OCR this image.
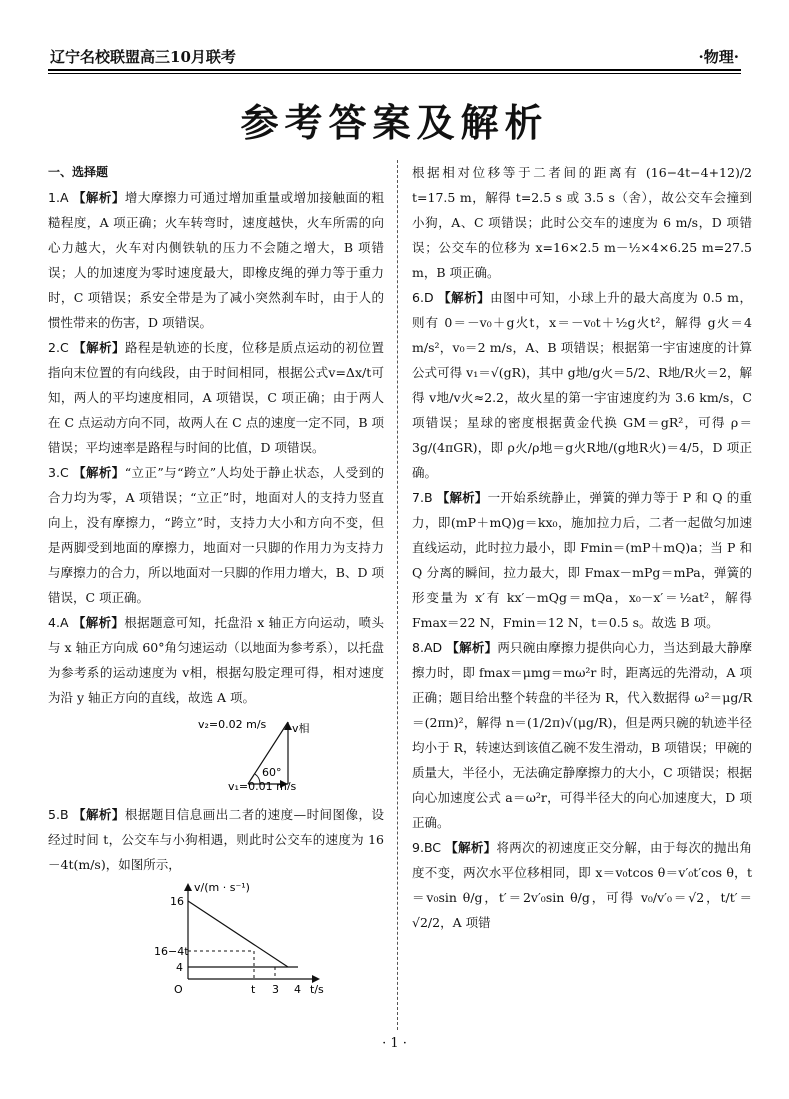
辽宁名校联盟高三10月联考	·物理·
参考答案及解析
一、选择题

1.A 【解析】增大摩擦力可通过增加重量或增加接触面的粗糙程度，A 项正确；火车转弯时，速度越快，火车所需的向心力越大，火车对内侧铁轨的压力不会随之增大，B 项错误；人的加速度为零时速度最大，即橡皮绳的弹力等于重力时，C 项错误；系安全带是为了减小突然刹车时，由于人的惯性带来的伤害，D 项错误。

2.C 【解析】路程是轨迹的长度，位移是质点运动的初位置指向末位置的有向线段，由于时间相同，根据公式v=Δx/t可知，两人的平均速度相同，A 项错误，C 项正确；由于两人在 C 点运动方向不同，故两人在 C 点的速度一定不同，B 项错误；平均速率是路程与时间的比值，D 项错误。

3.C 【解析】“立正”与“跨立”人均处于静止状态，人受到的合力均为零，A 项错误；“立正”时，地面对人的支持力竖直向上，没有摩擦力，“跨立”时，支持力大小和方向不变，但是两脚受到地面的摩擦力，地面对一只脚的作用力为支持力与摩擦力的合力，所以地面对一只脚的作用力增大，B、D 项错误，C 项正确。

4.A 【解析】根据题意可知，托盘沿 x 轴正方向运动，喷头与 x 轴正方向成 60°角匀速运动（以地面为参考系），以托盘为参考系的运动速度为 v相，根据勾股定理可得，相对速度为沿 y 轴正方向的直线，故选 A 项。

v₂=0.02 m/s v相
60°
v₁=0.01 m/s

5.B 【解析】根据题目信息画出二者的速度—时间图像，设经过时间 t，公交车与小狗相遇，则此时公交车的速度为 16－4t(m/s)，如图所示，

v/(m · s⁻¹)
16
16−4t
4
O	t 3 4 t/s

根据相对位移等于二者间的距离有 (16−4t−4+12)/2 t=17.5 m，解得 t=2.5 s 或 3.5 s（舍），故公交车会撞到小狗，A、C 项错误；此时公交车的速度为 6 m/s，D 项错误；公交车的位移为 x=16×2.5 m－½×4×6.25 m=27.5 m，B 项正确。

6.D 【解析】由图中可知，小球上升的最大高度为 0.5 m，则有 0＝－v₀＋g火t，x＝－v₀t＋½g火t²，解得 g火＝4 m/s²，v₀＝2 m/s，A、B 项错误；根据第一宇宙速度的计算公式可得 v₁＝√(gR)，其中 g地/g火＝5/2、R地/R火＝2，解得 v地/v火≈2.2，故火星的第一宇宙速度约为 3.6 km/s，C 项错误；星球的密度根据黄金代换 GM＝gR²，可得 ρ＝3g/(4πGR)，即 ρ火/ρ地＝g火R地/(g地R火)＝4/5，D 项正确。

7.B 【解析】一开始系统静止，弹簧的弹力等于 P 和 Q 的重力，即(mP＋mQ)g＝kx₀，施加拉力后，二者一起做匀加速直线运动，此时拉力最小，即 Fmin＝(mP＋mQ)a；当 P 和 Q 分离的瞬间，拉力最大，即 Fmax－mPg＝mPa，弹簧的形变量为 x′有 kx′－mQg＝mQa，x₀－x′＝½at²，解得 Fmax＝22 N，Fmin＝12 N，t＝0.5 s。故选 B 项。

8.AD 【解析】两只碗由摩擦力提供向心力，当达到最大静摩擦力时，即 fmax＝μmg＝mω²r 时，距离远的先滑动，A 项正确；题目给出整个转盘的半径为 R，代入数据得 ω²＝μg/R＝(2πn)²，解得 n＝(1/2π)√(μg/R)，但是两只碗的轨迹半径均小于 R，转速达到该值乙碗不发生滑动，B 项错误；甲碗的质量大，半径小，无法确定静摩擦力的大小，C 项错误；根据向心加速度公式 a＝ω²r，可得半径大的向心加速度大，D 项正确。

9.BC 【解析】将两次的初速度正交分解，由于每次的抛出角度不变，两次水平位移相同，即 x＝v₀tcos θ＝v′₀t′cos θ，t＝v₀sin θ/g，t′＝2v′₀sin θ/g，可得 v₀/v′₀＝√2，t/t′＝√2/2，A 项错

· 1 ·
